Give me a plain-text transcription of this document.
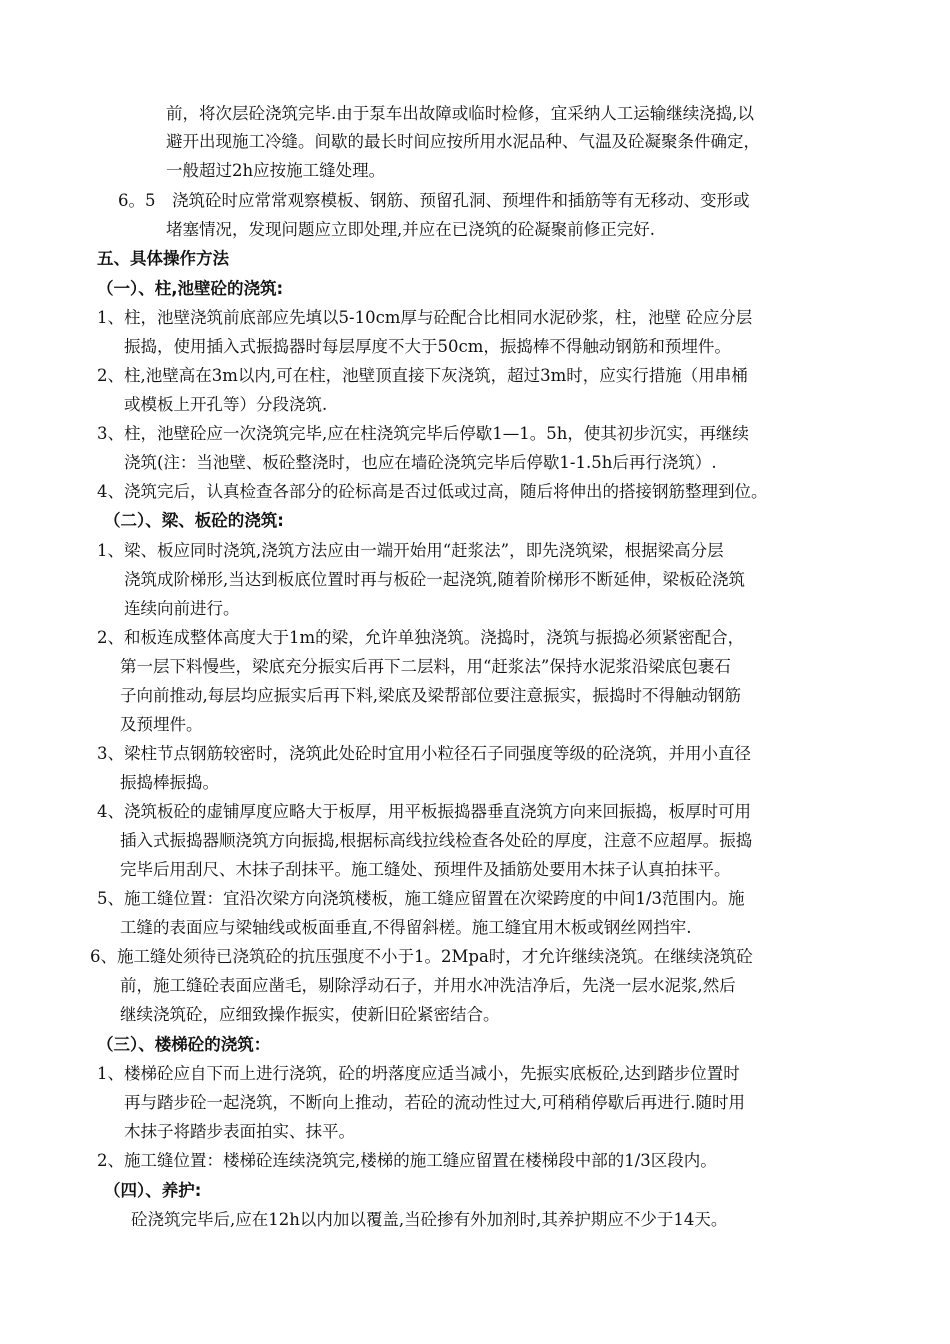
前，将次层砼浇筑完毕.由于泵车出故障或临时检修，宜采纳人工运输继续浇捣,以
避开出现施工冷缝。间歇的最长时间应按所用水泥品种、气温及砼凝聚条件确定，
一般超过2h应按施工缝处理。
6。5　浇筑砼时应常常观察模板、钢筋、预留孔洞、预埋件和插筋等有无移动、变形或
堵塞情况，发现问题应立即处理,并应在已浇筑的砼凝聚前修正完好.
五、具体操作方法
（一）、柱,池壁砼的浇筑:
1、柱，池壁浇筑前底部应先填以5-10cm厚与砼配合比相同水泥砂浆，柱，池壁 砼应分层
振捣，使用插入式振捣器时每层厚度不大于50cm，振捣棒不得触动钢筋和预埋件。
2、柱,池壁高在3m以内,可在柱，池壁顶直接下灰浇筑，超过3m时，应实行措施（用串桶
或模板上开孔等）分段浇筑.
3、柱，池壁砼应一次浇筑完毕,应在柱浇筑完毕后停歇1—1。5h，使其初步沉实，再继续
浇筑(注：当池壁、板砼整浇时，也应在墙砼浇筑完毕后停歇1-1.5h后再行浇筑）.
4、浇筑完后，认真检查各部分的砼标高是否过低或过高，随后将伸出的搭接钢筋整理到位。
（二）、梁、板砼的浇筑:
1、梁、板应同时浇筑,浇筑方法应由一端开始用“赶浆法”，即先浇筑梁，根据梁高分层
浇筑成阶梯形,当达到板底位置时再与板砼一起浇筑,随着阶梯形不断延伸，梁板砼浇筑
连续向前进行。
2、和板连成整体高度大于1m的梁，允许单独浇筑。浇捣时，浇筑与振捣必须紧密配合，
第一层下料慢些，梁底充分振实后再下二层料，用“赶浆法”保持水泥浆沿梁底包裹石
子向前推动,每层均应振实后再下料,梁底及梁帮部位要注意振实，振捣时不得触动钢筋
及预埋件。
3、梁柱节点钢筋较密时，浇筑此处砼时宜用小粒径石子同强度等级的砼浇筑，并用小直径
振捣棒振捣。
4、浇筑板砼的虚铺厚度应略大于板厚，用平板振捣器垂直浇筑方向来回振捣，板厚时可用
插入式振捣器顺浇筑方向振捣,根据标高线拉线检查各处砼的厚度，注意不应超厚。振捣
完毕后用刮尺、木抹子刮抹平。施工缝处、预埋件及插筋处要用木抹子认真拍抹平。
5、施工缝位置：宜沿次梁方向浇筑楼板，施工缝应留置在次梁跨度的中间1/3范围内。施
工缝的表面应与梁轴线或板面垂直,不得留斜槎。施工缝宜用木板或钢丝网挡牢.
6、施工缝处须待已浇筑砼的抗压强度不小于1。2Mpa时，才允许继续浇筑。在继续浇筑砼
前，施工缝砼表面应凿毛，剔除浮动石子，并用水冲洗洁净后，先浇一层水泥浆,然后
继续浇筑砼，应细致操作振实，使新旧砼紧密结合。
（三）、楼梯砼的浇筑：
1、楼梯砼应自下而上进行浇筑，砼的坍落度应适当减小，先振实底板砼,达到踏步位置时
再与踏步砼一起浇筑，不断向上推动，若砼的流动性过大,可稍稍停歇后再进行.随时用
木抹子将踏步表面拍实、抹平。
2、施工缝位置：楼梯砼连续浇筑完,楼梯的施工缝应留置在楼梯段中部的1/3区段内。
（四）、养护:
砼浇筑完毕后,应在12h以内加以覆盖,当砼掺有外加剂时,其养护期应不少于14天。
